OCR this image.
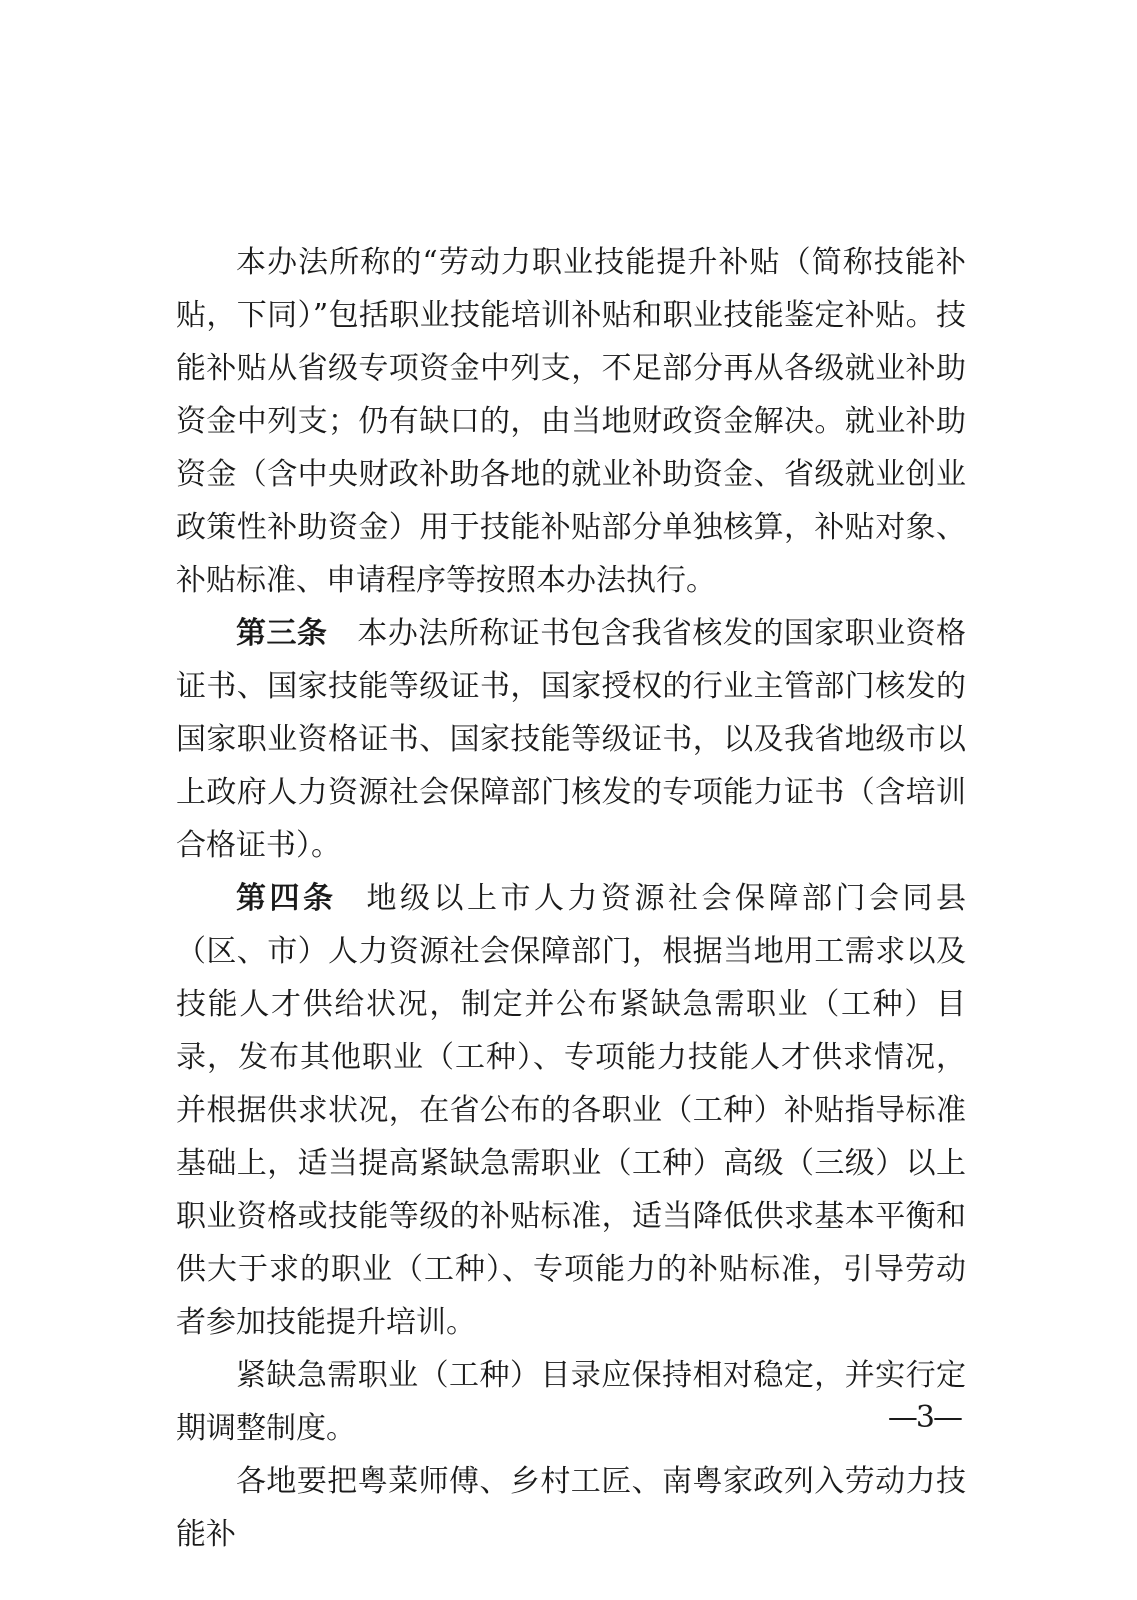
本办法所称的“劳动力职业技能提升补贴（简称技能补贴，下同）”包括职业技能培训补贴和职业技能鉴定补贴。技能补贴从省级专项资金中列支，不足部分再从各级就业补助资金中列支；仍有缺口的，由当地财政资金解决。就业补助资金（含中央财政补助各地的就业补助资金、省级就业创业政策性补助资金）用于技能补贴部分单独核算，补贴对象、补贴标准、申请程序等按照本办法执行。

第三条 本办法所称证书包含我省核发的国家职业资格证书、国家技能等级证书，国家授权的行业主管部门核发的国家职业资格证书、国家技能等级证书，以及我省地级市以上政府人力资源社会保障部门核发的专项能力证书（含培训合格证书）。

第四条 地级以上市人力资源社会保障部门会同县（区、市）人力资源社会保障部门，根据当地用工需求以及技能人才供给状况，制定并公布紧缺急需职业（工种）目录，发布其他职业（工种）、专项能力技能人才供求情况，并根据供求状况，在省公布的各职业（工种）补贴指导标准基础上，适当提高紧缺急需职业（工种）高级（三级）以上职业资格或技能等级的补贴标准，适当降低供求基本平衡和供大于求的职业（工种）、专项能力的补贴标准，引导劳动者参加技能提升培训。

紧缺急需职业（工种）目录应保持相对稳定，并实行定期调整制度。

各地要把粤菜师傅、乡村工匠、南粤家政列入劳动力技能补

—3—
